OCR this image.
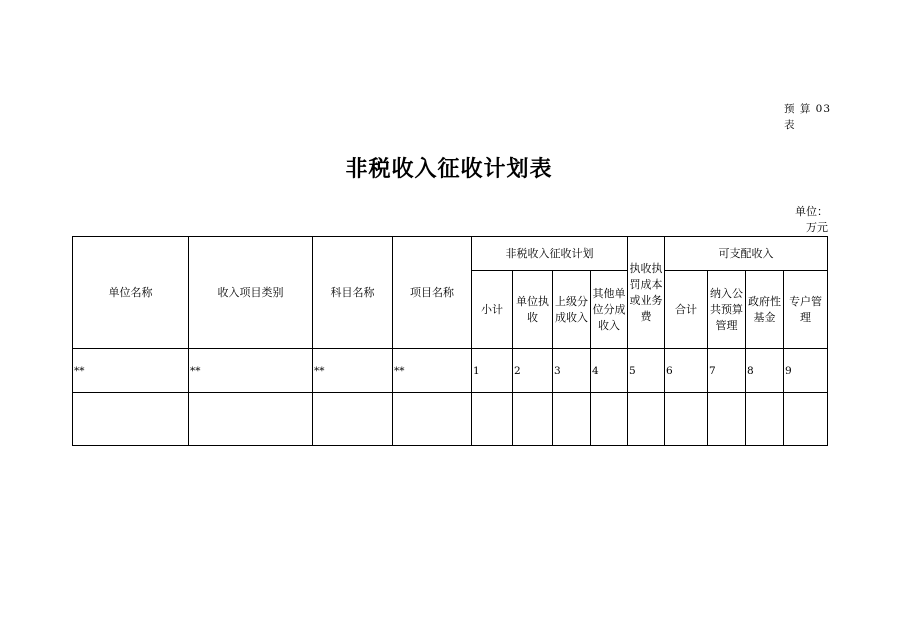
预 算 03 表
非税收入征收计划表
单位：万元
单位名称	收入项目类别	科目名称	项目名称	非税收入征收计划				执收执罚成本或业务费	可支配收入			
				小计	单位执收	上级分成收入	其他单位分成收入		合计	纳入公共预算管理	政府性基金	专户管理
**	**	**	**	1	2	3	4	5	6	7	8	9
